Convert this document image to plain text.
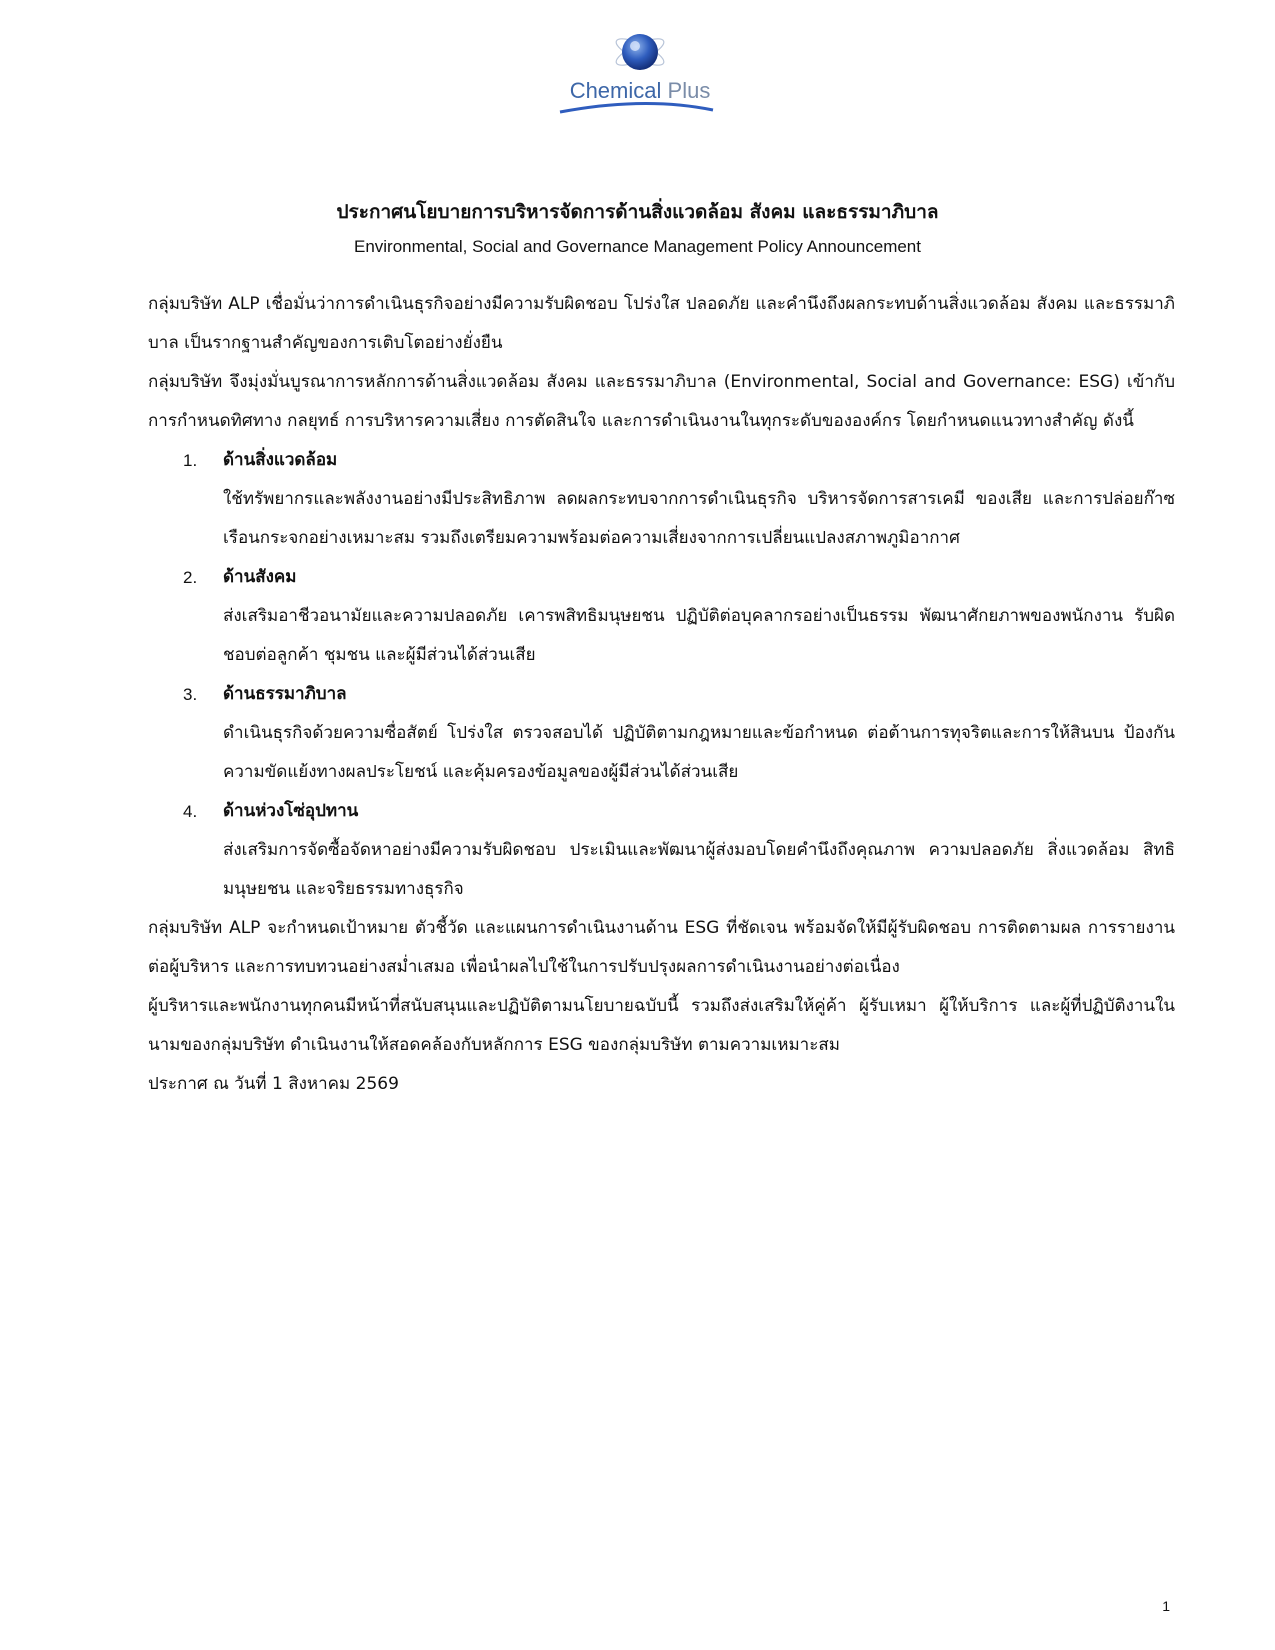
Chemical Plus
ประกาศนโยบายการบริหารจัดการด้านสิ่งแวดล้อม สังคม และธรรมาภิบาล
Environmental, Social and Governance Management Policy Announcement

กลุ่มบริษัท ALP เชื่อมั่นว่าการดำเนินธุรกิจอย่างมีความรับผิดชอบ โปร่งใส ปลอดภัย และคำนึงถึงผลกระทบด้านสิ่งแวดล้อม สังคม และธรรมาภิบาล เป็นรากฐานสำคัญของการเติบโตอย่างยั่งยืน

กลุ่มบริษัท จึงมุ่งมั่นบูรณาการหลักการด้านสิ่งแวดล้อม สังคม และธรรมาภิบาล (Environmental, Social and Governance: ESG) เข้ากับการกำหนดทิศทาง กลยุทธ์ การบริหารความเสี่ยง การตัดสินใจ และการดำเนินงานในทุกระดับขององค์กร โดยกำหนดแนวทางสำคัญ ดังนี้

1. ด้านสิ่งแวดล้อม

ใช้ทรัพยากรและพลังงานอย่างมีประสิทธิภาพ ลดผลกระทบจากการดำเนินธุรกิจ บริหารจัดการสารเคมี ของเสีย และการปล่อยก๊าซเรือนกระจกอย่างเหมาะสม รวมถึงเตรียมความพร้อมต่อความเสี่ยงจากการเปลี่ยนแปลงสภาพภูมิอากาศ

2. ด้านสังคม

ส่งเสริมอาชีวอนามัยและความปลอดภัย เคารพสิทธิมนุษยชน ปฏิบัติต่อบุคลากรอย่างเป็นธรรม พัฒนาศักยภาพของพนักงาน รับผิดชอบต่อลูกค้า ชุมชน และผู้มีส่วนได้ส่วนเสีย

3. ด้านธรรมาภิบาล

ดำเนินธุรกิจด้วยความซื่อสัตย์ โปร่งใส ตรวจสอบได้ ปฏิบัติตามกฎหมายและข้อกำหนด ต่อต้านการทุจริตและการให้สินบน ป้องกันความขัดแย้งทางผลประโยชน์ และคุ้มครองข้อมูลของผู้มีส่วนได้ส่วนเสีย

4. ด้านห่วงโซ่อุปทาน

ส่งเสริมการจัดซื้อจัดหาอย่างมีความรับผิดชอบ ประเมินและพัฒนาผู้ส่งมอบโดยคำนึงถึงคุณภาพ ความปลอดภัย สิ่งแวดล้อม สิทธิมนุษยชน และจริยธรรมทางธุรกิจ

กลุ่มบริษัท ALP จะกำหนดเป้าหมาย ตัวชี้วัด และแผนการดำเนินงานด้าน ESG ที่ชัดเจน พร้อมจัดให้มีผู้รับผิดชอบ การติดตามผล การรายงานต่อผู้บริหาร และการทบทวนอย่างสม่ำเสมอ เพื่อนำผลไปใช้ในการปรับปรุงผลการดำเนินงานอย่างต่อเนื่อง

ผู้บริหารและพนักงานทุกคนมีหน้าที่สนับสนุนและปฏิบัติตามนโยบายฉบับนี้ รวมถึงส่งเสริมให้คู่ค้า ผู้รับเหมา ผู้ให้บริการ และผู้ที่ปฏิบัติงานในนามของกลุ่มบริษัท ดำเนินงานให้สอดคล้องกับหลักการ ESG ของกลุ่มบริษัท ตามความเหมาะสม

ประกาศ ณ วันที่ 1 สิงหาคม 2569

1
